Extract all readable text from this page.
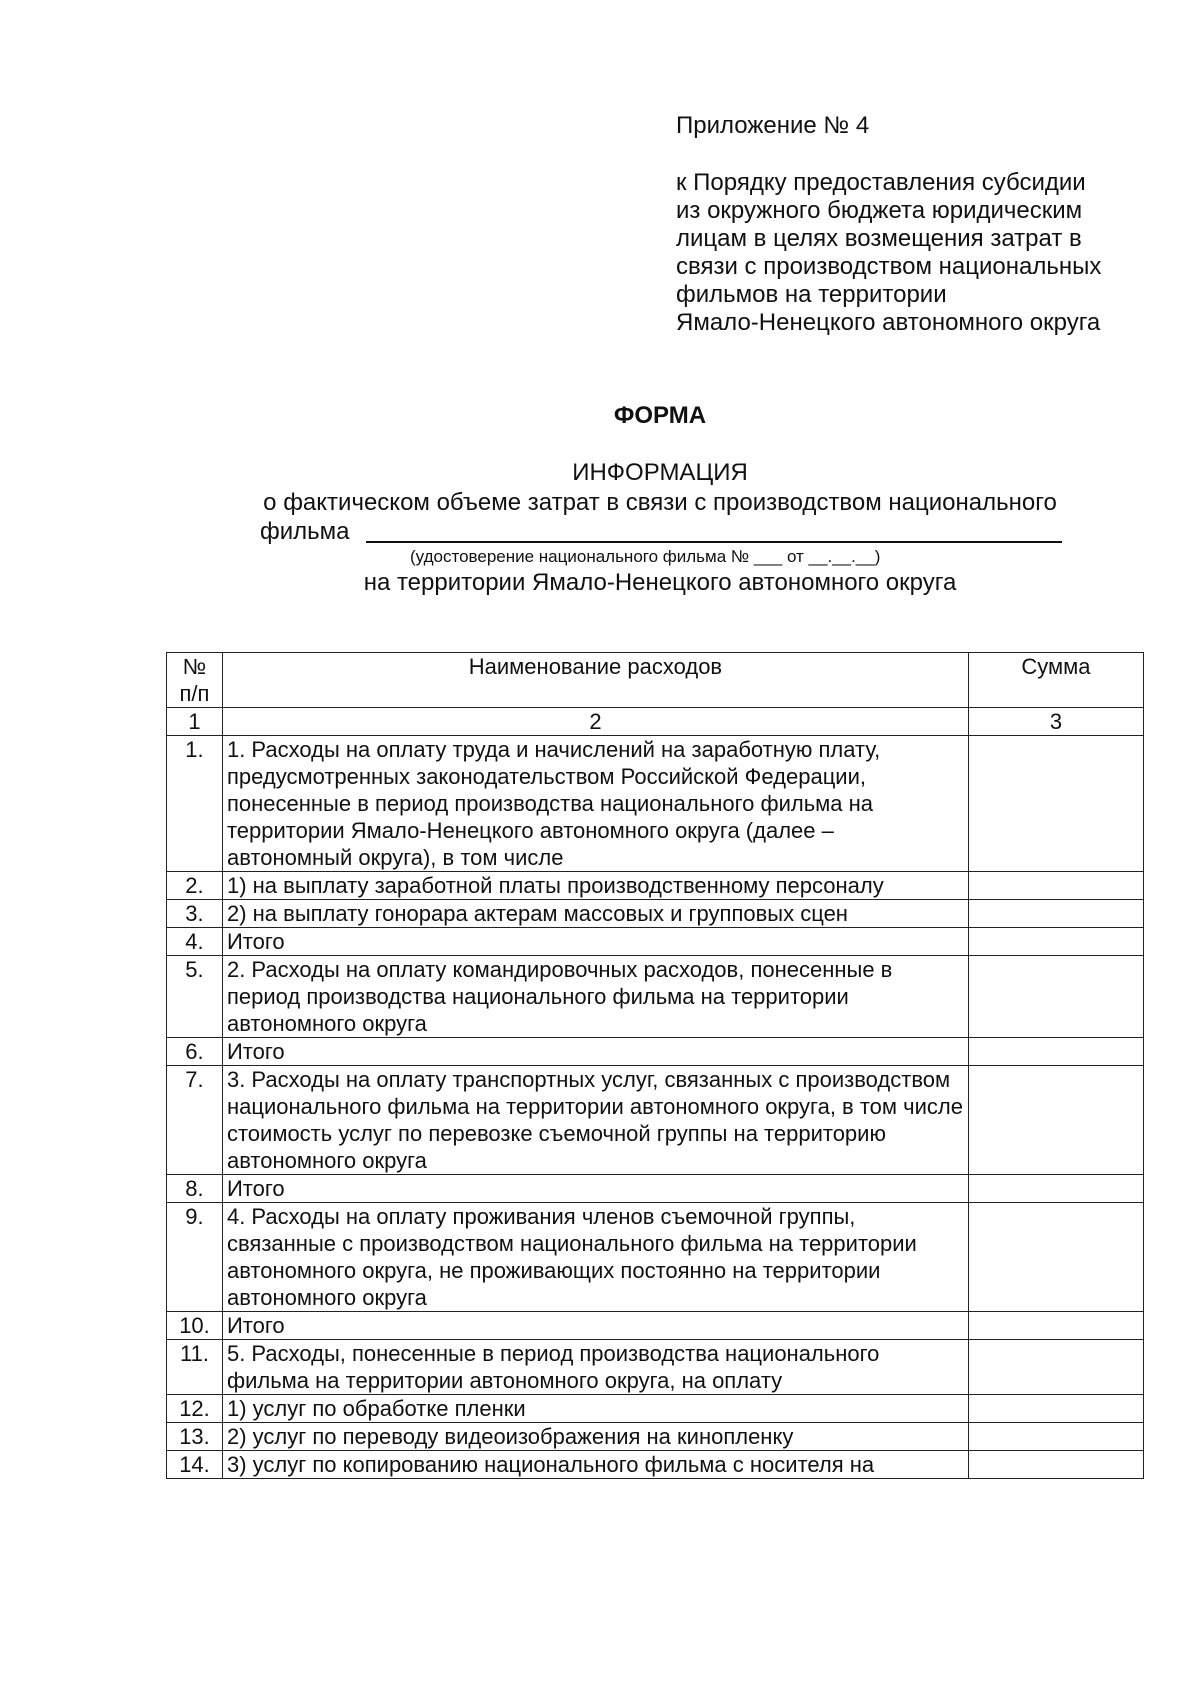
Приложение № 4
к Порядку предоставления субсидии
из окружного бюджета юридическим
лицам в целях возмещения затрат в
связи с производством национальных
фильмов на территории
Ямало-Ненецкого автономного округа
ФОРМА
ИНФОРМАЦИЯ
о фактическом объеме затрат в связи с производством национального
фильма
(удостоверение национального фильма № ___ от __.__.__)
на территории Ямало-Ненецкого автономного округа
№ п/п	Наименование расходов	Сумма
1	2	3
1.	1. Расходы на оплату труда и начислений на заработную плату, предусмотренных законодательством Российской Федерации, понесенные в период производства национального фильма на территории Ямало-Ненецкого автономного округа (далее – автономный округа), в том числе	
2.	1) на выплату заработной платы производственному персоналу	
3.	2) на выплату гонорара актерам массовых и групповых сцен	
4.	Итого	
5.	2. Расходы на оплату командировочных расходов, понесенные в период производства национального фильма на территории автономного округа	
6.	Итого	
7.	3. Расходы на оплату транспортных услуг, связанных с производством национального фильма на территории автономного округа, в том числе стоимость услуг по перевозке съемочной группы на территорию автономного округа	
8.	Итого	
9.	4. Расходы на оплату проживания членов съемочной группы, связанные с производством национального фильма на территории автономного округа, не проживающих постоянно на территории автономного округа	
10.	Итого	
11.	5. Расходы, понесенные в период производства национального фильма на территории автономного округа, на оплату	
12.	1) услуг по обработке пленки	
13.	2) услуг по переводу видеоизображения на кинопленку	
14.	3) услуг по копированию национального фильма с носителя на	
